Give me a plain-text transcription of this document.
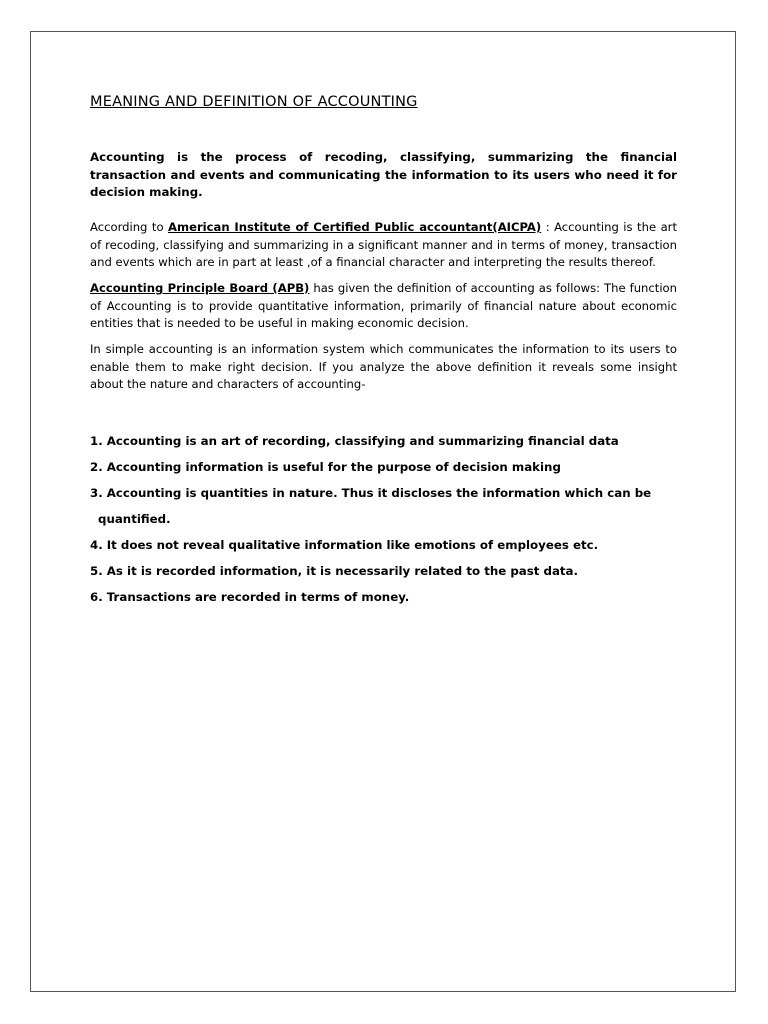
MEANING AND DEFINITION OF ACCOUNTING
Accounting is the process of recoding, classifying, summarizing the financial transaction and events and communicating the information to its users who need it for decision making.
According to American Institute of Certified Public accountant(AICPA) : Accounting is the art of recoding, classifying and summarizing in a significant manner and in terms of money, transaction and events which are in part at least ,of a financial character and interpreting the results thereof.
Accounting Principle Board (APB) has given the definition of accounting as follows: The function of Accounting is to provide quantitative information, primarily of financial nature about economic entities that is needed to be useful in making economic decision.
In simple accounting is an information system which communicates the information to its users to enable them to make right decision. If you analyze the above definition it reveals some insight about the nature and characters of accounting-
1. Accounting is an art of recording, classifying and summarizing financial data
2. Accounting information is useful for the purpose of decision making
3. Accounting is quantities in nature. Thus it discloses the information which can be
quantified.
4. It does not reveal qualitative information like emotions of employees etc.
5. As it is recorded information, it is necessarily related to the past data.
6. Transactions are recorded in terms of money.
